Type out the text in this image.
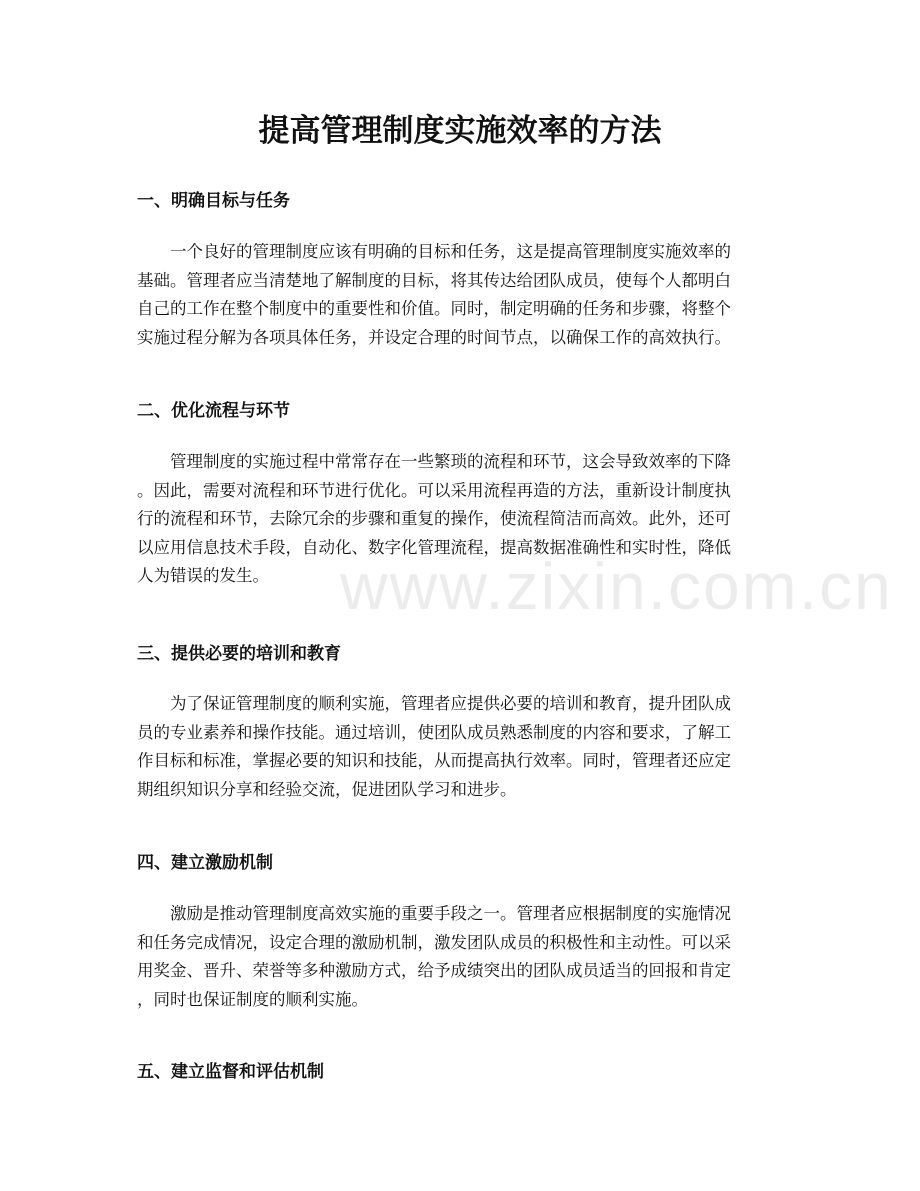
www.zixin.com.cn
提高管理制度实施效率的方法
一、明确目标与任务

　　一个良好的管理制度应该有明确的目标和任务，这是提高管理制度实施效率的
基础。管理者应当清楚地了解制度的目标，将其传达给团队成员，使每个人都明白
自己的工作在整个制度中的重要性和价值。同时，制定明确的任务和步骤，将整个
实施过程分解为各项具体任务，并设定合理的时间节点，以确保工作的高效执行。

二、优化流程与环节

　　管理制度的实施过程中常常存在一些繁琐的流程和环节，这会导致效率的下降
。因此，需要对流程和环节进行优化。可以采用流程再造的方法，重新设计制度执
行的流程和环节，去除冗余的步骤和重复的操作，使流程简洁而高效。此外，还可
以应用信息技术手段，自动化、数字化管理流程，提高数据准确性和实时性，降低
人为错误的发生。

三、提供必要的培训和教育

　　为了保证管理制度的顺利实施，管理者应提供必要的培训和教育，提升团队成
员的专业素养和操作技能。通过培训，使团队成员熟悉制度的内容和要求，了解工
作目标和标准，掌握必要的知识和技能，从而提高执行效率。同时，管理者还应定
期组织知识分享和经验交流，促进团队学习和进步。

四、建立激励机制

　　激励是推动管理制度高效实施的重要手段之一。管理者应根据制度的实施情况
和任务完成情况，设定合理的激励机制，激发团队成员的积极性和主动性。可以采
用奖金、晋升、荣誉等多种激励方式，给予成绩突出的团队成员适当的回报和肯定
，同时也保证制度的顺利实施。

五、建立监督和评估机制
